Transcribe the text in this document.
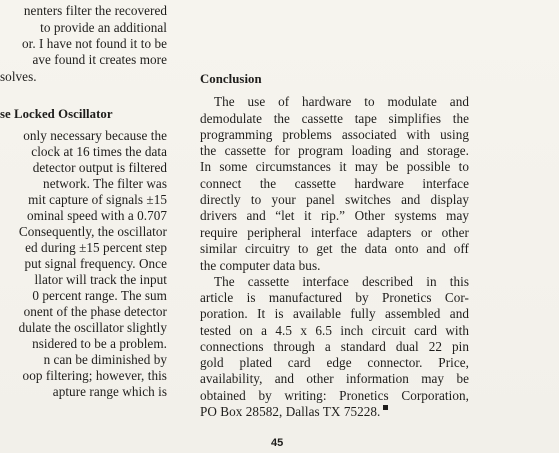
nenters filter the recovered
to provide an additional
or. I have not found it to be
ave found it creates more
solves.
se Locked Oscillator
only necessary because the
clock at 16 times the data
detector output is filtered
network. The filter was
mit capture of signals ±15
ominal speed with a 0.707
Consequently, the oscillator
ed during ±15 percent step
put signal frequency. Once
llator will track the input
0 percent range. The sum
onent of the phase detector
dulate the oscillator slightly
nsidered to be a problem.
n can be diminished by
oop filtering; however, this
apture range which is
Conclusion
The use of hardware to modulate and
demodulate the cassette tape simplifies the
programming problems associated with using
the cassette for program loading and storage.
In some circumstances it may be possible to
connect the cassette hardware interface
directly to your panel switches and display
drivers and “let it rip.” Other systems may
require peripheral interface adapters or other
similar circuitry to get the data onto and off
the computer data bus.
The cassette interface described in this
article is manufactured by Pronetics Cor-
poration. It is available fully assembled and
tested on a 4.5 x 6.5 inch circuit card with
connections through a standard dual 22 pin
gold plated card edge connector. Price,
availability, and other information may be
obtained by writing: Pronetics Corporation,
PO Box 28582, Dallas TX 75228.
45
